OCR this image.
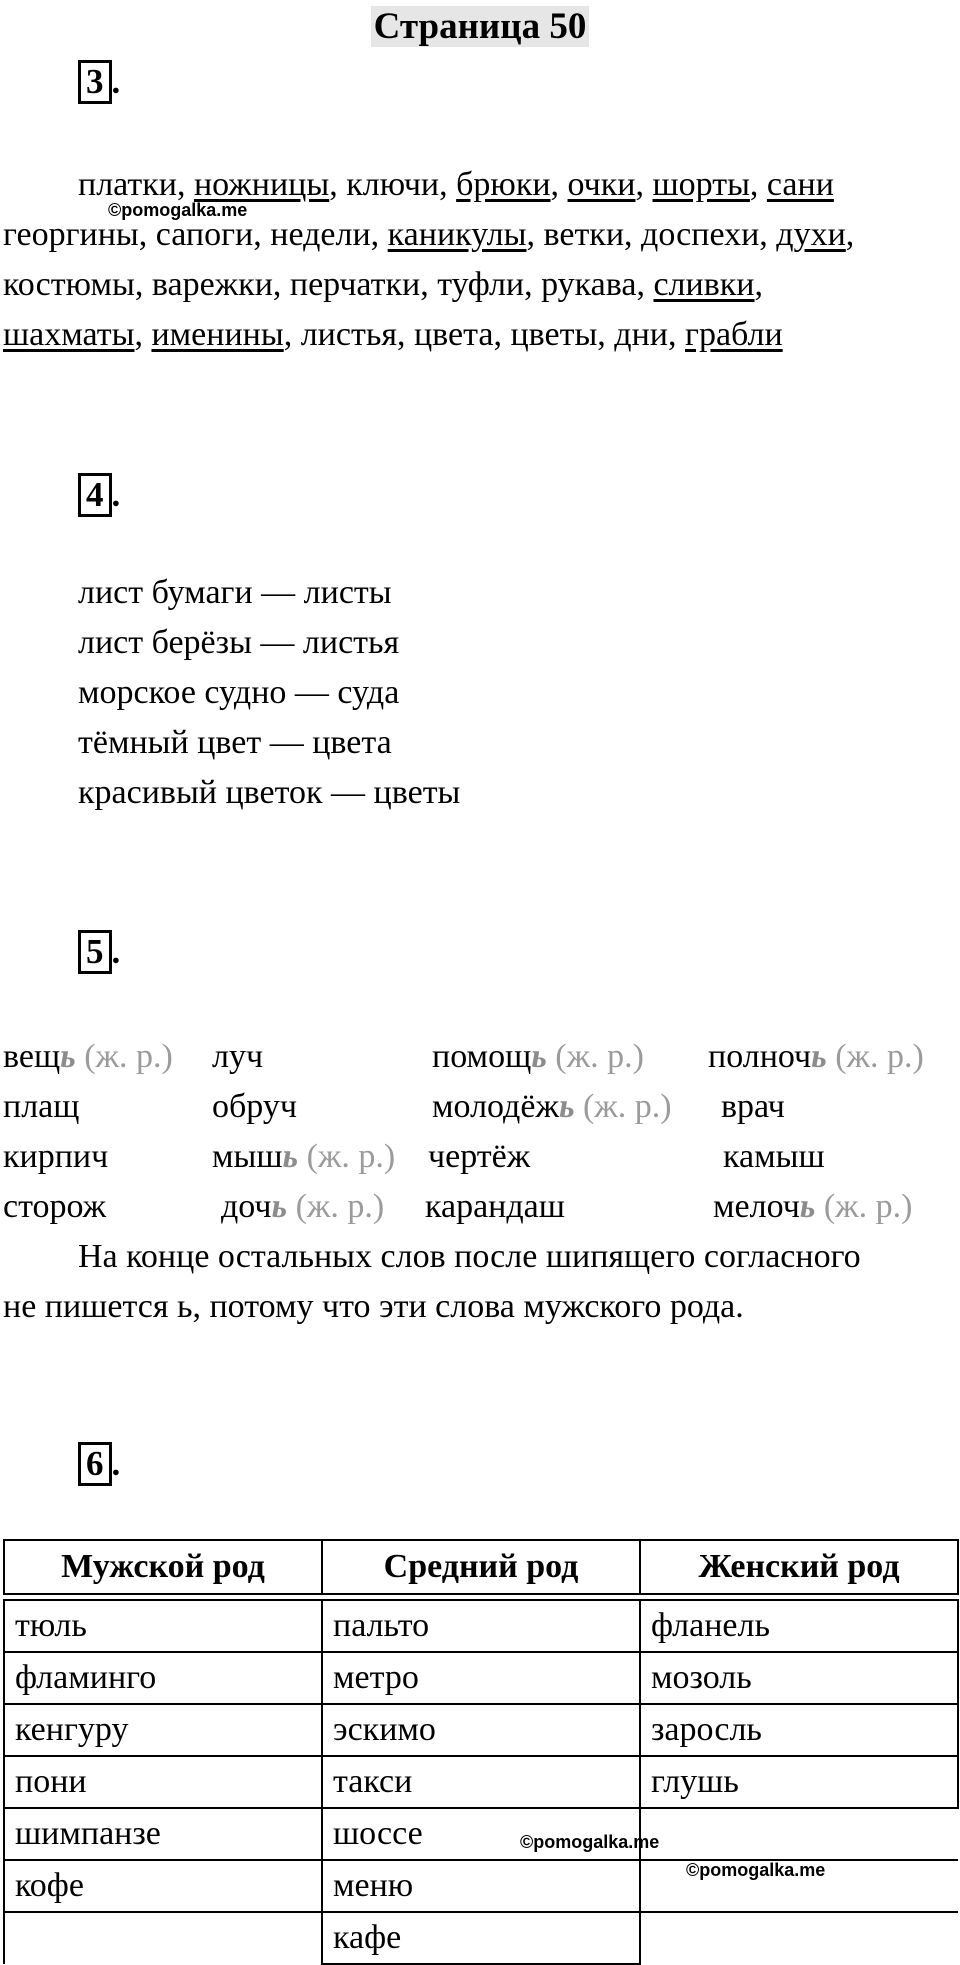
Страница 50
3 .
платки, ножницы, ключи, брюки, очки, шорты, сани
георгины, сапоги, недели, каникулы, ветки, доспехи, духи,
костюмы, варежки, перчатки, туфли, рукава, сливки,
шахматы, именины, листья, цвета, цветы, дни, грабли
©pomogalka.me
4 .
лист бумаги — листы
лист берёзы — листья
морское судно — суда
тёмный цвет — цвета
красивый цветок — цветы
5 .
вещь (ж. р.) луч	помощь (ж. р.) полночь (ж. р.)
плащ	обруч	молодёжь (ж. р.) врач
кирпич	мышь (ж. р.) чертёж	камыш
сторож	дочь (ж. р.) карандаш	мелочь (ж. р.)
На конце остальных слов после шипящего согласного
не пишется ь, потому что эти слова мужского рода.
6 .
Мужской род	Средний род	Женский род

тюль	пальто	фланель
фламинго	метро	мозоль
кенгуру	эскимо	заросль
пони	такси	глушь
шимпанзе	шоссе	
кофе	меню	
	кафе	
©pomogalka.me
©pomogalka.me
